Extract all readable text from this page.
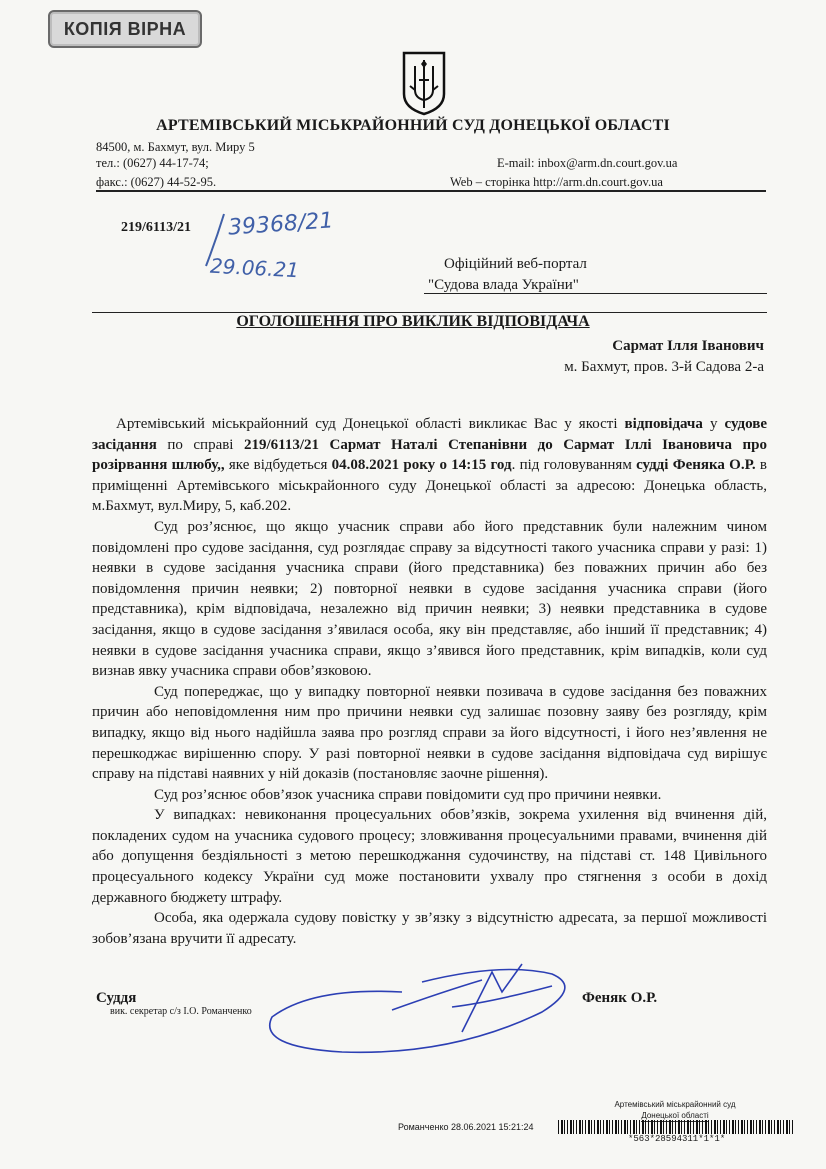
КОПІЯ ВІРНА
АРТЕМІВСЬКИЙ МІСЬКРАЙОННИЙ СУД ДОНЕЦЬКОЇ ОБЛАСТІ
84500, м. Бахмут, вул. Миру 5
тел.: (0627) 44-17-74;	E-mail: inbox@arm.dn.court.gov.ua
факс.: (0627) 44-52-95.	Web – сторінка http://arm.dn.court.gov.ua
219/6113/21 39368/21
29.06.21	Офіційний веб-портал
"Судова влада України"
ОГОЛОШЕННЯ ПРО ВИКЛИК ВІДПОВІДАЧА
Сармат Ілля Іванович
м. Бахмут, пров. 3-й Садова 2-а

Артемівський міськрайонний суд Донецької області викликає Вас у якості відповідача у судове засідання по справі 219/6113/21 Сармат Наталі Степанівни до Сармат Іллі Івановича про розірвання шлюбу,, яке відбудеться 04.08.2021 року о 14:15 год. під головуванням судді Феняка О.Р. в приміщенні Артемівського міськрайонного суду Донецької області за адресою: Донецька область, м.Бахмут, вул.Миру, 5, каб.202.

Суд роз’яснює, що якщо учасник справи або його представник були належним чином повідомлені про судове засідання, суд розглядає справу за відсутності такого учасника справи у разі: 1) неявки в судове засідання учасника справи (його представника) без поважних причин або без повідомлення причин неявки; 2) повторної неявки в судове засідання учасника справи (його представника), крім відповідача, незалежно від причин неявки; 3) неявки представника в судове засідання, якщо в судове засідання з’явилася особа, яку він представляє, або інший її представник; 4) неявки в судове засідання учасника справи, якщо з’явився його представник, крім випадків, коли суд визнав явку учасника справи обов’язковою.

Суд попереджає, що у випадку повторної неявки позивача в судове засідання без поважних причин або неповідомлення ним про причини неявки суд залишає позовну заяву без розгляду, крім випадку, якщо від нього надійшла заява про розгляд справи за його відсутності, і його нез’явлення не перешкоджає вирішенню спору. У разі повторної неявки в судове засідання відповідача суд вирішує справу на підставі наявних у ній доказів (постановляє заочне рішення).

Суд роз’яснює обов’язок учасника справи повідомити суд про причини неявки.

У випадках: невиконання процесуальних обов’язків, зокрема ухилення від вчинення дій, покладених судом на учасника судового процесу; зловживання процесуальними правами, вчинення дій або допущення бездіяльності з метою перешкоджання судочинству, на підставі ст. 148 Цивільного процесуального кодексу України суд може постановити ухвалу про стягнення з особи в дохід державного бюджету штрафу.

Особа, яка одержала судову повістку у зв’язку з відсутністю адресата, за першої можливості зобов’язана вручити її адресату.

Суддя
вик. секретар с/з І.О. Романченко
Феняк О.Р.
Артемівський міськрайонний суд
Донецької області
Романченко 28.06.2021 15:21:24
*563*28594311*1*1*
